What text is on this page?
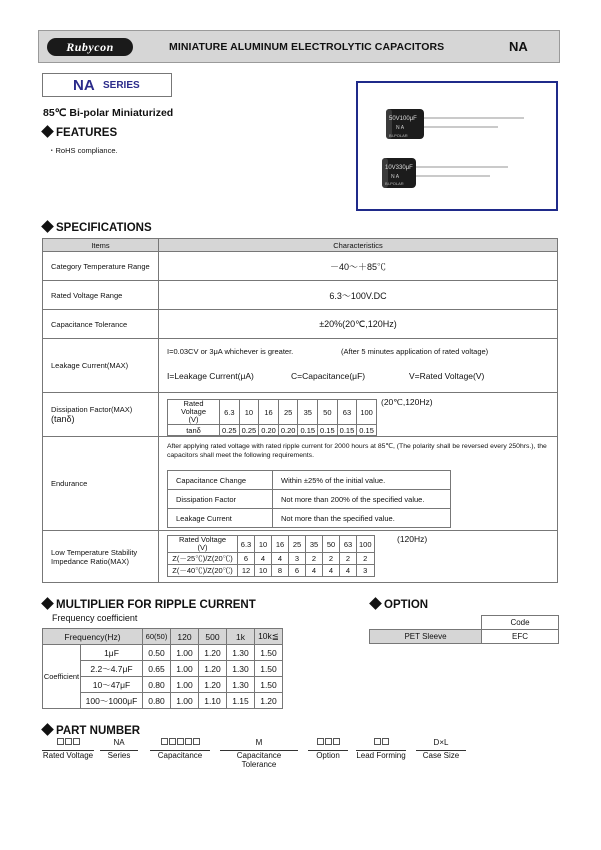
Rubycon	MINIATURE ALUMINUM ELECTROLYTIC CAPACITORS	NA
NA SERIES
85℃ Bi-polar Miniaturized
FEATURES
・RoHS compliance.
50V100μF
N A
BI-POLAR
10V330μF
N A
BI-POLAR
SPECIFICATIONS
Items	Characteristics
Category Temperature Range	－40～＋85℃
Rated Voltage Range	6.3～100V.DC
Capacitance Tolerance	±20%(20℃,120Hz)
Leakage Current(MAX)	
I=0.03CV or 3μA whichever is greater.	(After 5 minutes application of rated voltage)
I=Leakage Current(μA)	C=Capacitance(μF)	V=Rated Voltage(V)

Dissipation Factor(MAX)
(tanδ)

Rated Voltage
(V)
	6.3	10	16	25	35	50	63	100
tanδ	0.25	0.25	0.20	0.20	0.15	0.15	0.15	0.15
(20℃,120Hz)

Endurance	
After applying rated voltage with rated ripple current for 2000 hours at 85℃, (The polarity shall be reversed every 250hrs.), the capacitors shall meet the following requirements.
Capacitance Change	Within ±25% of the initial value.
Dissipation Factor	Not more than 200% of the specified value.
Leakage Current	Not more than the specified value.

Low Temperature Stability
Impedance Ratio(MAX)

Rated Voltage
(V)	6.3	10	16	25	35	50	63	100
Z(－25℃)/Z(20℃)	6	4	4	3	2	2	2	2
Z(－40℃)/Z(20℃)	12	10	8	6	4	4	4	3
(120Hz)
MULTIPLIER FOR RIPPLE CURRENT
Frequency coefficient
Frequency(Hz)		60(50)	120	500	1k	10k≦
Coefficient	1μF	0.50	1.00	1.20	1.30	1.50
	2.2～4.7μF	0.65	1.00	1.20	1.30	1.50
	10～47μF	0.80	1.00	1.20	1.30	1.50
	100～1000μF	0.80	1.00	1.10	1.15	1.20
OPTION
	Code
PET Sleeve	EFC
PART NUMBER
Rated Voltage
NA
Series	Capacitance
M
Capacitance Tolerance
Option	Lead Forming
D×L
Case Size
